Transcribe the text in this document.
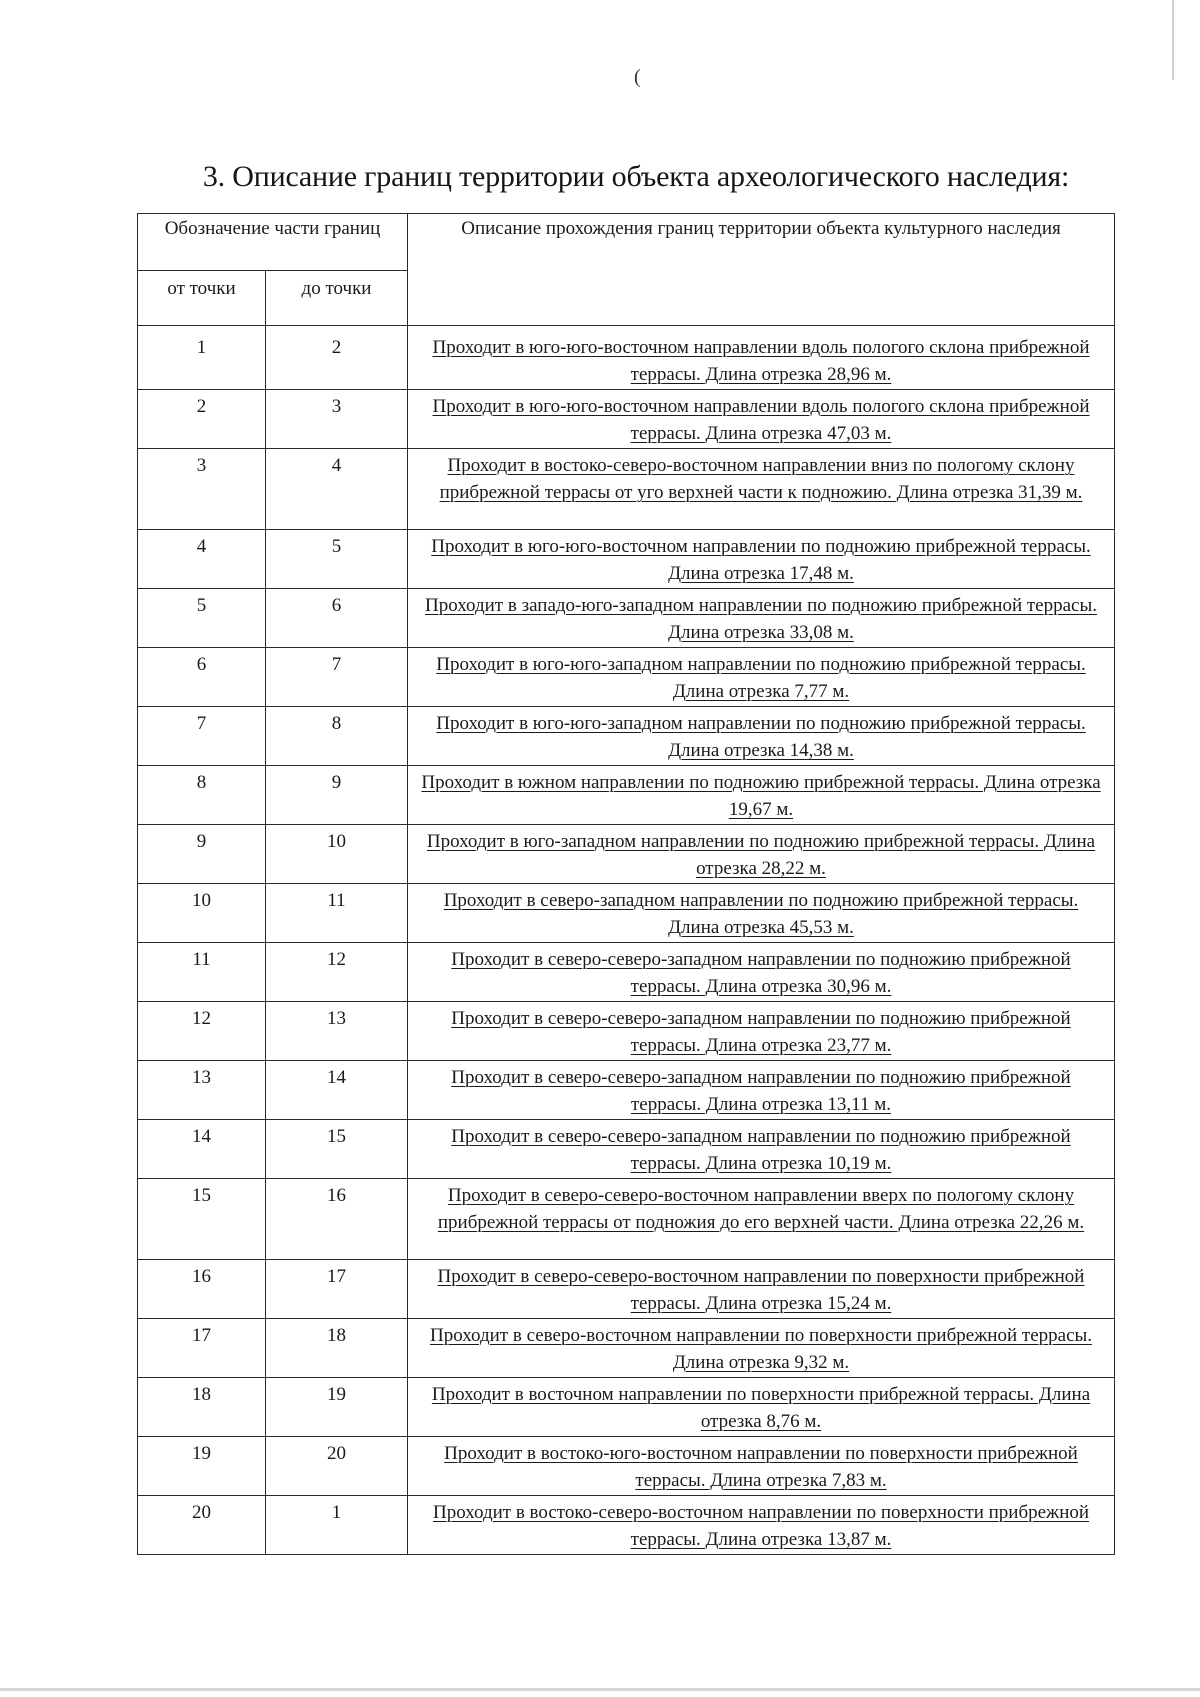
(
3. Описание границ территории объекта археологического наследия:
Обозначение части границ		Описание прохождения границ территории объекта культурного наследия
от точки	до точки	
1	2	Проходит в юго-юго-восточном направлении вдоль пологого склона прибрежной террасы. Длина отрезка 28,96 м.
2	3	Проходит в юго-юго-восточном направлении вдоль пологого склона прибрежной террасы. Длина отрезка 47,03 м.
3	4	Проходит в востоко-северо-восточном направлении вниз по пологому склону прибрежной террасы от уго верхней части к подножию. Длина отрезка 31,39 м.
4	5	Проходит в юго-юго-восточном направлении по подножию прибрежной террасы. Длина отрезка 17,48 м.
5	6	Проходит в западо-юго-западном направлении по подножию прибрежной террасы. Длина отрезка 33,08 м.
6	7	Проходит в юго-юго-западном направлении по подножию прибрежной террасы. Длина отрезка 7,77 м.
7	8	Проходит в юго-юго-западном направлении по подножию прибрежной террасы. Длина отрезка 14,38 м.
8	9	Проходит в южном направлении по подножию прибрежной террасы. Длина отрезка 19,67 м.
9	10	Проходит в юго-западном направлении по подножию прибрежной террасы. Длина отрезка 28,22 м.
10	11	Проходит в северо-западном направлении по подножию прибрежной террасы. Длина отрезка 45,53 м.
11	12	Проходит в северо-северо-западном направлении по подножию прибрежной террасы. Длина отрезка 30,96 м.
12	13	Проходит в северо-северо-западном направлении по подножию прибрежной террасы. Длина отрезка 23,77 м.
13	14	Проходит в северо-северо-западном направлении по подножию прибрежной террасы. Длина отрезка 13,11 м.
14	15	Проходит в северо-северо-западном направлении по подножию прибрежной террасы. Длина отрезка 10,19 м.
15	16	Проходит в северо-северо-восточном направлении вверх по пологому склону прибрежной террасы от подножия до его верхней части. Длина отрезка 22,26 м.
16	17	Проходит в северо-северо-восточном направлении по поверхности прибрежной террасы. Длина отрезка 15,24 м.
17	18	Проходит в северо-восточном направлении по поверхности прибрежной террасы. Длина отрезка 9,32 м.
18	19	Проходит в восточном направлении по поверхности прибрежной террасы. Длина отрезка 8,76 м.
19	20	Проходит в востоко-юго-восточном направлении по поверхности прибрежной террасы. Длина отрезка 7,83 м.
20	1	Проходит в востоко-северо-восточном направлении по поверхности прибрежной террасы. Длина отрезка 13,87 м.
